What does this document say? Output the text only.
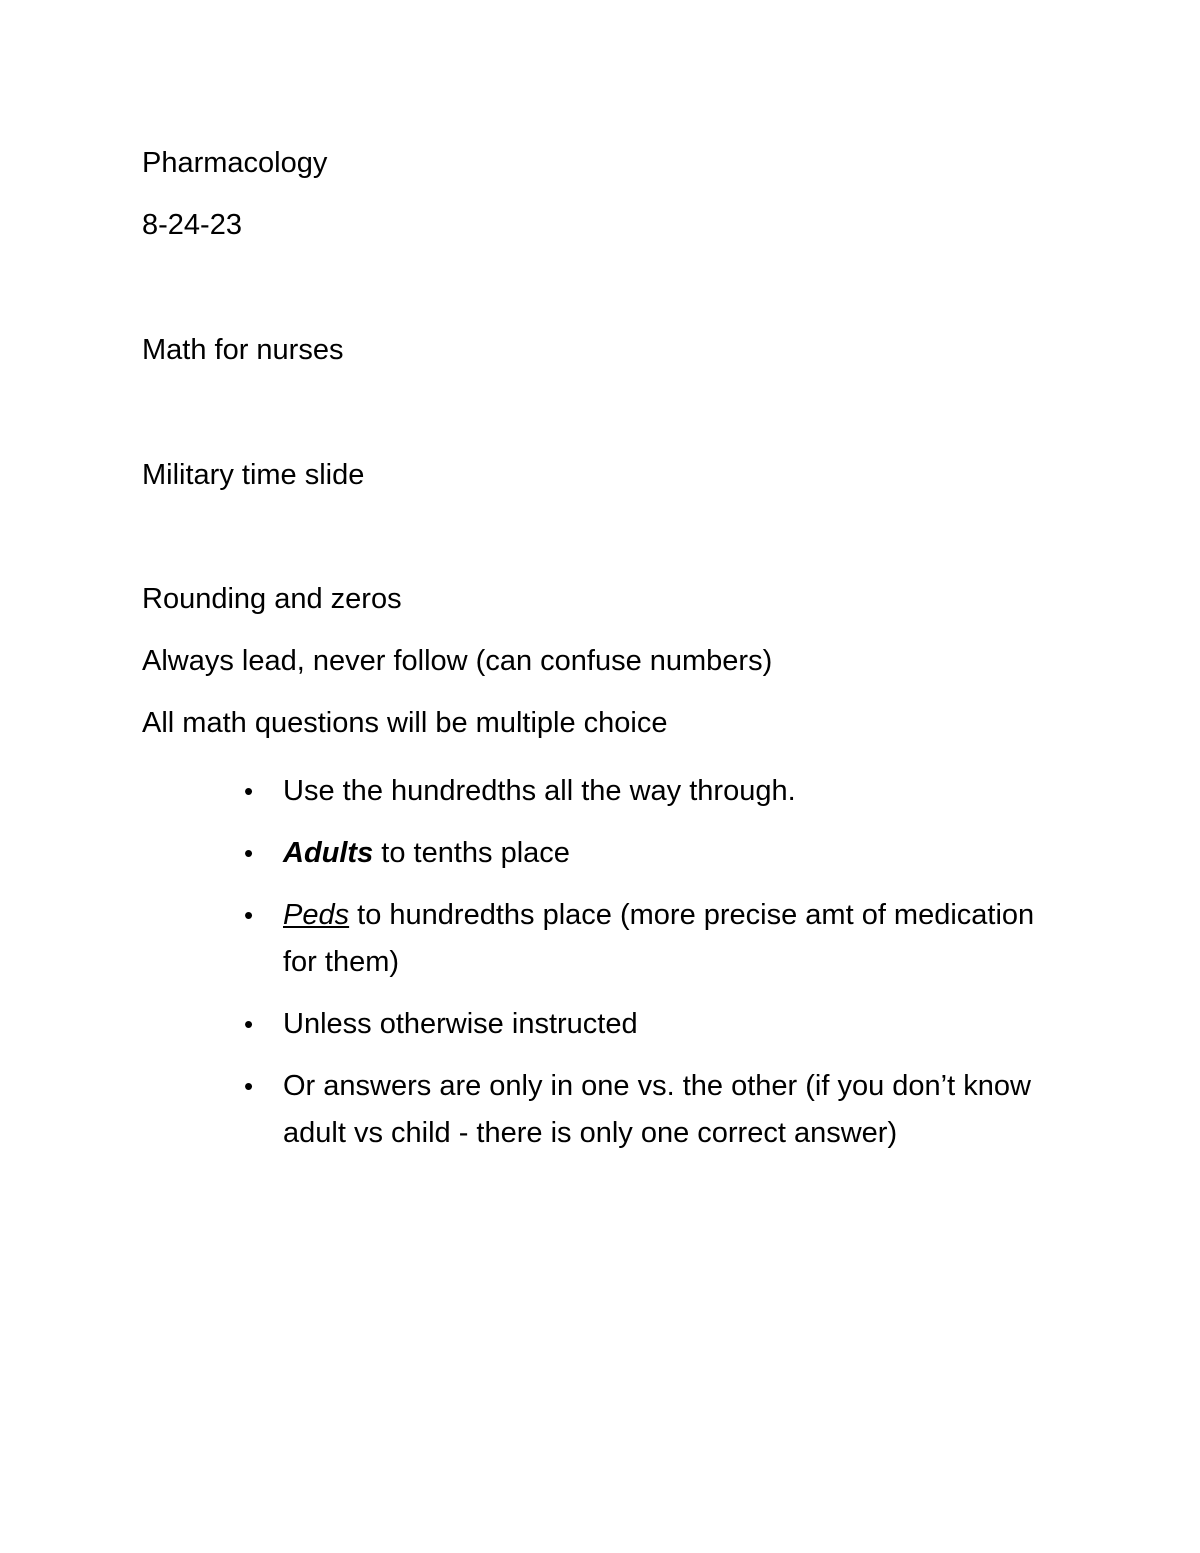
Pharmacology
8-24-23
Math for nurses
Military time slide
Rounding and zeros
Always lead, never follow (can confuse numbers)
All math questions will be multiple choice
•	Use the hundredths all the way through.
•	Adults to tenths place
•	Peds to hundredths place (more precise amt of medication for them)
•	Unless otherwise instructed
•	Or answers are only in one vs. the other (if you don’t know adult vs child - there is only one correct answer)
